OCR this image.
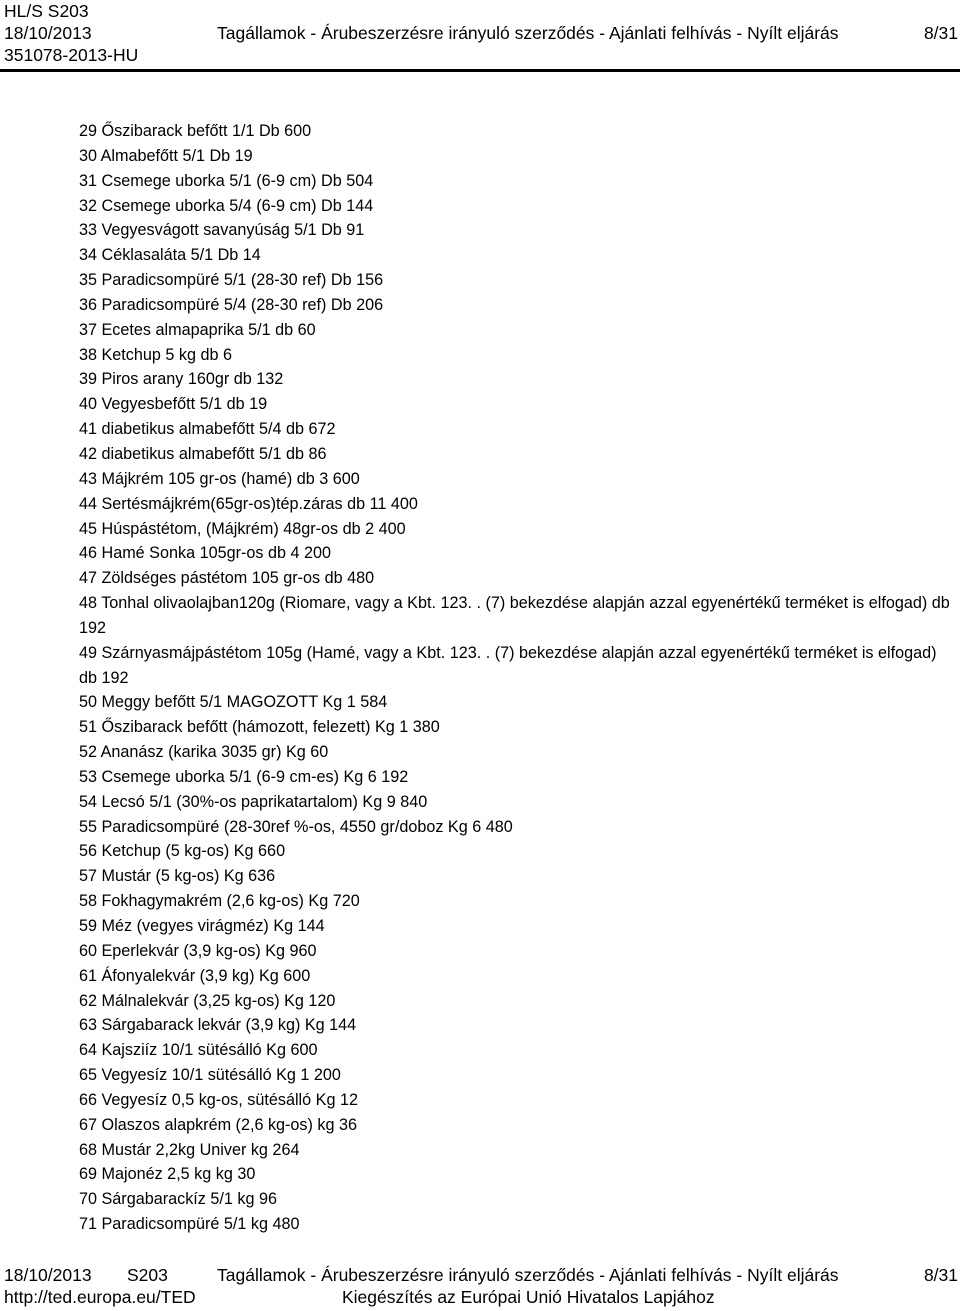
HL/S S203
18/10/2013	Tagállamok - Árubeszerzésre irányuló szerződés - Ajánlati felhívás - Nyílt eljárás	8/31
351078-2013-HU

29 Őszibarack befőtt 1/1 Db 600

30 Almabefőtt 5/1 Db 19

31 Csemege uborka 5/1 (6-9 cm) Db 504

32 Csemege uborka 5/4 (6-9 cm) Db 144

33 Vegyesvágott savanyúság 5/1 Db 91

34 Céklasaláta 5/1 Db 14

35 Paradicsompüré 5/1 (28-30 ref) Db 156

36 Paradicsompüré 5/4 (28-30 ref) Db 206

37 Ecetes almapaprika 5/1 db 60

38 Ketchup 5 kg db 6

39 Piros arany 160gr db 132

40 Vegyesbefőtt 5/1 db 19

41 diabetikus almabefőtt 5/4 db 672

42 diabetikus almabefőtt 5/1 db 86

43 Májkrém 105 gr-os (hamé) db 3 600

44 Sertésmájkrém(65gr-os)tép.záras db 11 400

45 Húspástétom, (Májkrém) 48gr-os db 2 400

46 Hamé Sonka 105gr-os db 4 200

47 Zöldséges pástétom 105 gr-os db 480

48 Tonhal olivaolajban120g (Riomare, vagy a Kbt. 123. . (7) bekezdése alapján azzal egyenértékű terméket is elfogad) db 192

49 Szárnyasmájpástétom 105g (Hamé, vagy a Kbt. 123. . (7) bekezdése alapján azzal egyenértékű terméket is elfogad) db 192

50 Meggy befőtt 5/1 MAGOZOTT Kg 1 584

51 Őszibarack befőtt (hámozott, felezett) Kg 1 380

52 Ananász (karika 3035 gr) Kg 60

53 Csemege uborka 5/1 (6-9 cm-es) Kg 6 192

54 Lecsó 5/1 (30%-os paprikatartalom) Kg 9 840

55 Paradicsompüré (28-30ref %-os, 4550 gr/doboz Kg 6 480

56 Ketchup (5 kg-os) Kg 660

57 Mustár (5 kg-os) Kg 636

58 Fokhagymakrém (2,6 kg-os) Kg 720

59 Méz (vegyes virágméz) Kg 144

60 Eperlekvár (3,9 kg-os) Kg 960

61 Áfonyalekvár (3,9 kg) Kg 600

62 Málnalekvár (3,25 kg-os) Kg 120

63 Sárgabarack lekvár (3,9 kg) Kg 144

64 Kajsziíz 10/1 sütésálló Kg 600

65 Vegyesíz 10/1 sütésálló Kg 1 200

66 Vegyesíz 0,5 kg-os, sütésálló Kg 12

67 Olaszos alapkrém (2,6 kg-os) kg 36

68 Mustár 2,2kg Univer kg 264

69 Majonéz 2,5 kg kg 30

70 Sárgabarackíz 5/1 kg 96

71 Paradicsompüré 5/1 kg 480

18/10/2013 S203	Tagállamok - Árubeszerzésre irányuló szerződés - Ajánlati felhívás - Nyílt eljárás	8/31
http://ted.europa.eu/TED	Kiegészítés az Európai Unió Hivatalos Lapjához
